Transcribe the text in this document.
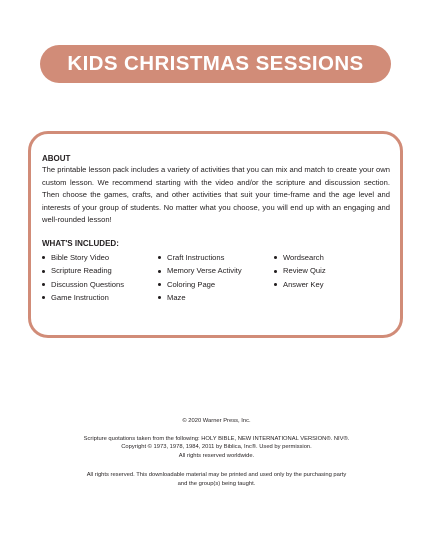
KIDS CHRISTMAS SESSIONS

ABOUT

The printable lesson pack includes a variety of activities that you can mix and match to create your own custom lesson. We recommend starting with the video and/or the scripture and discussion section. Then choose the games, crafts, and other activities that suit your time-frame and the age level and interests of your group of students. No matter what you choose, you will end up with an engaging and well-rounded lesson!

WHAT'S INCLUDED:

Bible Story Video
Scripture Reading
Discussion Questions
Game Instruction
Craft Instructions
Memory Verse Activity
Coloring Page
Maze
Wordsearch
Review Quiz
Answer Key

© 2020 Warner Press, Inc.

Scripture quotations taken from the following: HOLY BIBLE, NEW INTERNATIONAL VERSION®. NIV®.

Copyright © 1973, 1978, 1984, 2011 by Biblica, Inc®. Used by permission.

All rights reserved worldwide.

All rights reserved. This downloadable material may be printed and used only by the purchasing party

and the group(s) being taught.
